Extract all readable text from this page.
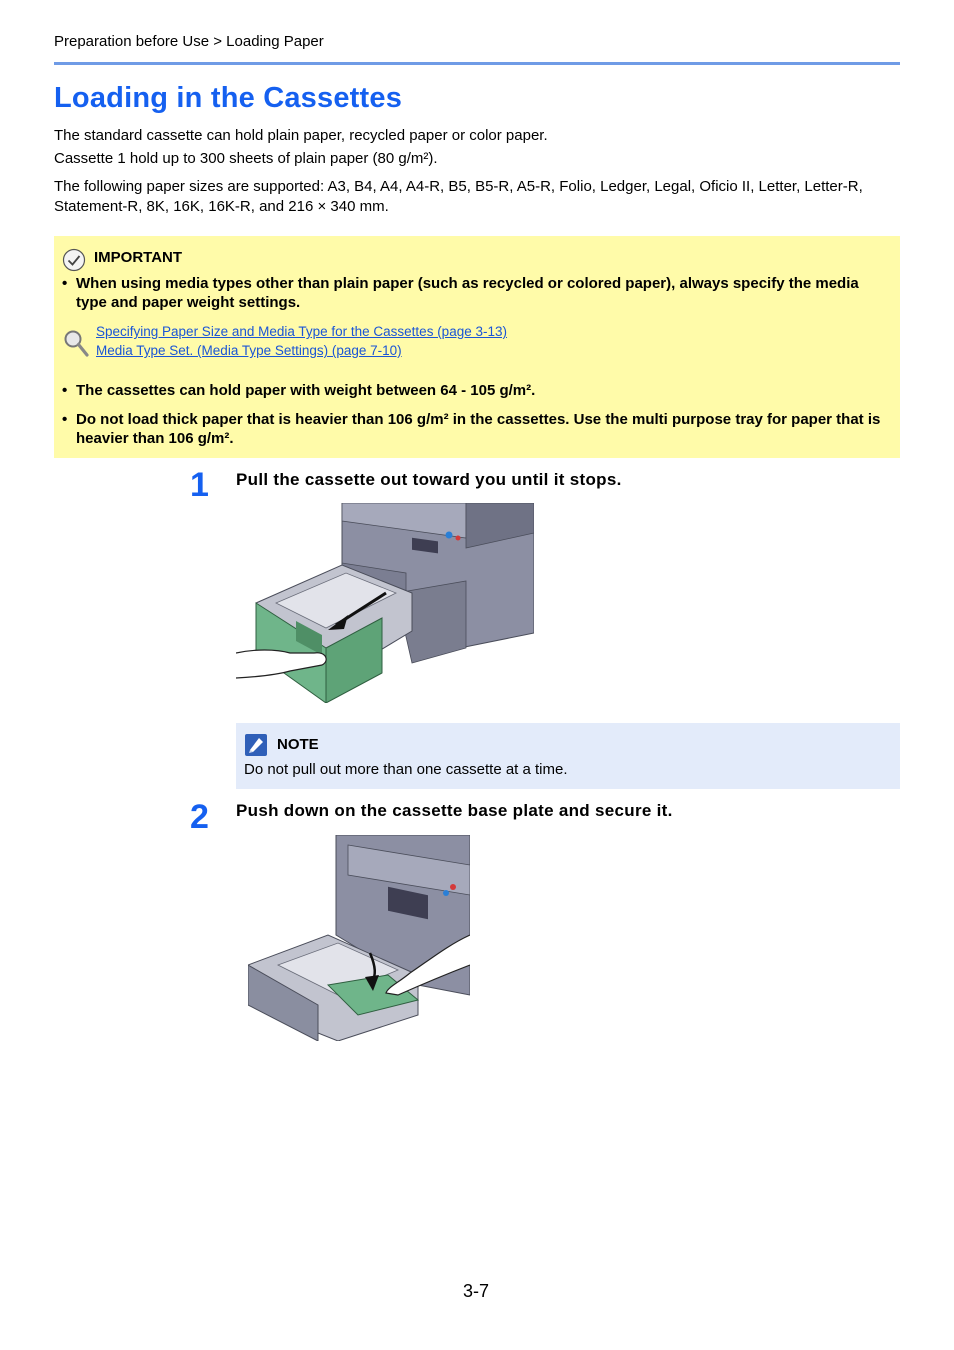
Preparation before Use > Loading Paper
Loading in the Cassettes

The standard cassette can hold plain paper, recycled paper or color paper.

Cassette 1 hold up to 300 sheets of plain paper (80 g/m²).

The following paper sizes are supported: A3, B4, A4, A4-R, B5, B5-R, A5-R, Folio, Ledger, Legal, Oficio II, Letter, Letter-R, Statement-R, 8K, 16K, 16K-R, and 216 × 340 mm.

IMPORTANT
• When using media types other than plain paper (such as recycled or colored paper), always specify the media type and paper weight settings.
Specifying Paper Size and Media Type for the Cassettes (page 3-13)
Media Type Set. (Media Type Settings) (page 7-10)
• The cassettes can hold paper with weight between 64 - 105 g/m².
• Do not load thick paper that is heavier than 106 g/m² in the cassettes. Use the multi purpose tray for paper that is heavier than 106 g/m².
1 Pull the cassette out toward you until it stops.
NOTE
Do not pull out more than one cassette at a time.
2 Push down on the cassette base plate and secure it.
3-7
